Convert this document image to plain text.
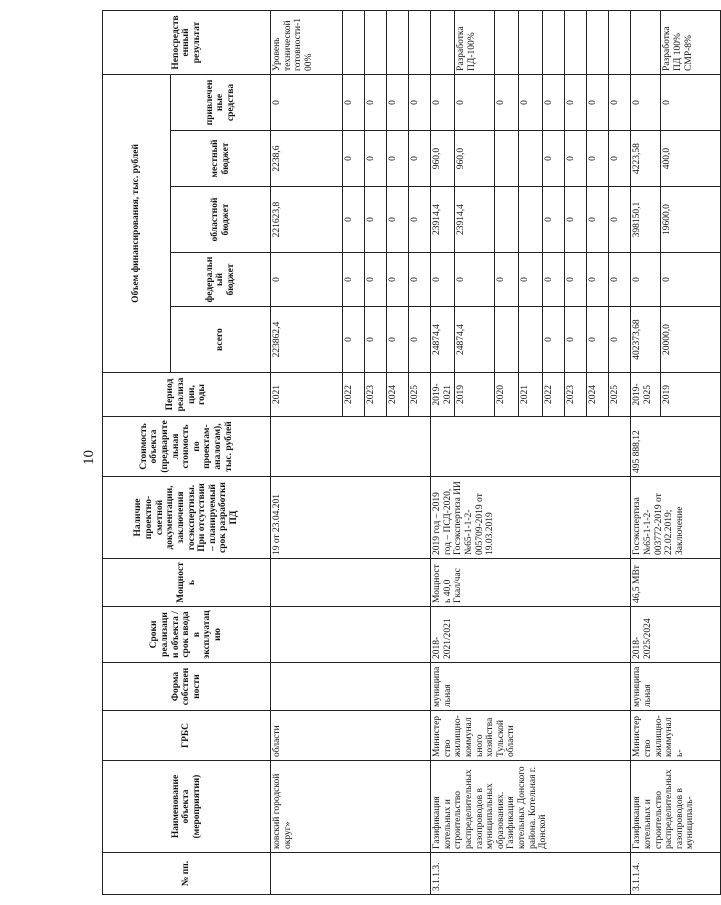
10
№ пп.	Наименование объекта (мероприятия)	ГРБС	Форма собственности	Сроки реализации объекта / срок ввода в эксплуатацию	Мощность	Наличие проектно-сметной документации, заключения госэкспертизы. При отсутствии – планируемый срок разработки ПД	Стоимость объекта (предварительная стоимость по проектам-аналогам), тыс. рублей	Период реализации, годы	Объем финансирования, тыс. рублей					Непосредственный результат
									всего	федеральный бюджет	областной бюджет	местный бюджет	привлеченные средства	
	ковский городской округ»	области				19 от 23.04.201		2021	223862,4	0	221623,8	2238,6	0	Уровень технической готовности-100%
								2022	0	0	0	0	0	
								2023	0	0	0	0	0	
								2024	0	0	0	0	0	
								2025	0	0	0	0	0	
3.1.1.3.	Газификация котельных и строительство распределительных газопроводов в муниципальных образованиях. Газификация котельных Донского района. Котельная г. Донской	Министерство жилищно-коммунального хозяйства Тульской области	муниципальная	2018-2021/2021	Мощность 40,0 Гкал/час	2019 год – 2019 год – ПСД-2020, Госэкспертиза ИИ №65-1-1-2-005709-2019 от 19.03.2019		2019-2021	24874,4	0	23914,4	960,0	0	
								2019	24874,4	0	23914,4	960,0	0	Разработка ПД-100%
								2020		0			0	
								2021		0			0	
								2022	0	0	0	0	0	
								2023	0	0	0	0	0	
								2024	0	0	0	0	0	
								2025	0	0	0	0	0	
3.1.1.4.	Газификация котельных и строительство распределительных газопроводов в муниципаль-	Министерство жилищно-коммуналь-	муниципальная	2018-2025/2024	46,5 МВт	Госэкспертиза №65-1-1-2-003772-2019 от 22.02.2019; Заключение	495 888,12	2019-2025	402373,68	0	398150,1	4223,58	0	
								2019	20000,0	0	19600,0	400,0	0	Разработка ПД 100% СМР-8%
